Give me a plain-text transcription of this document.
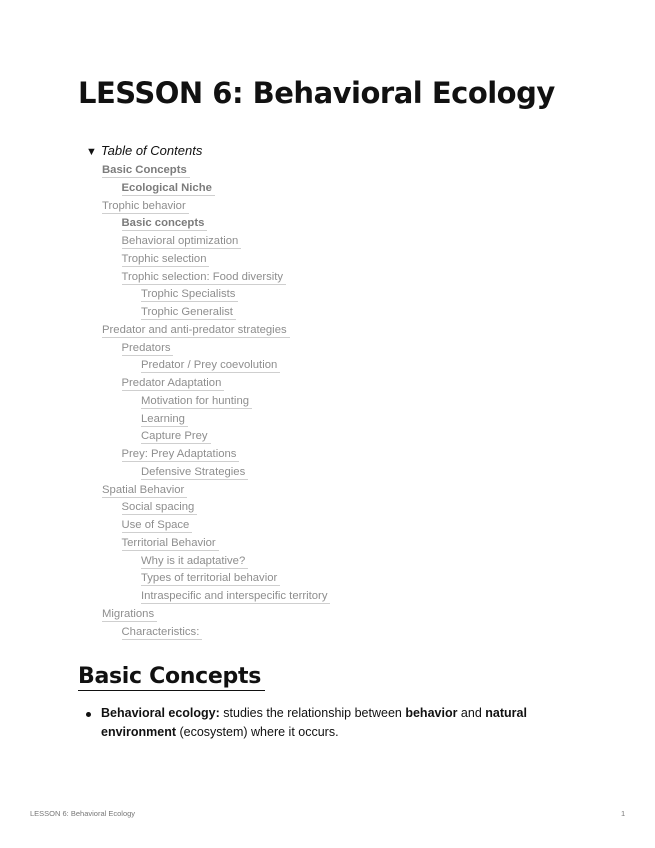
LESSON 6: Behavioral Ecology
▼ Table of Contents
Basic Concepts
Ecological Niche
Trophic behavior
Basic concepts
Behavioral optimization
Trophic selection
Trophic selection: Food diversity
Trophic Specialists
Trophic Generalist
Predator and anti-predator strategies
Predators
Predator / Prey coevolution
Predator Adaptation
Motivation for hunting
Learning
Capture Prey
Prey: Prey Adaptations
Defensive Strategies
Spatial Behavior
Social spacing
Use of Space
Territorial Behavior
Why is it adaptative?
Types of territorial behavior
Intraspecific and interspecific territory
Migrations
Characteristics:
Basic Concepts
Behavioral ecology: studies the relationship between behavior and natural environment (ecosystem) where it occurs.
LESSON 6: Behavioral Ecology	1
